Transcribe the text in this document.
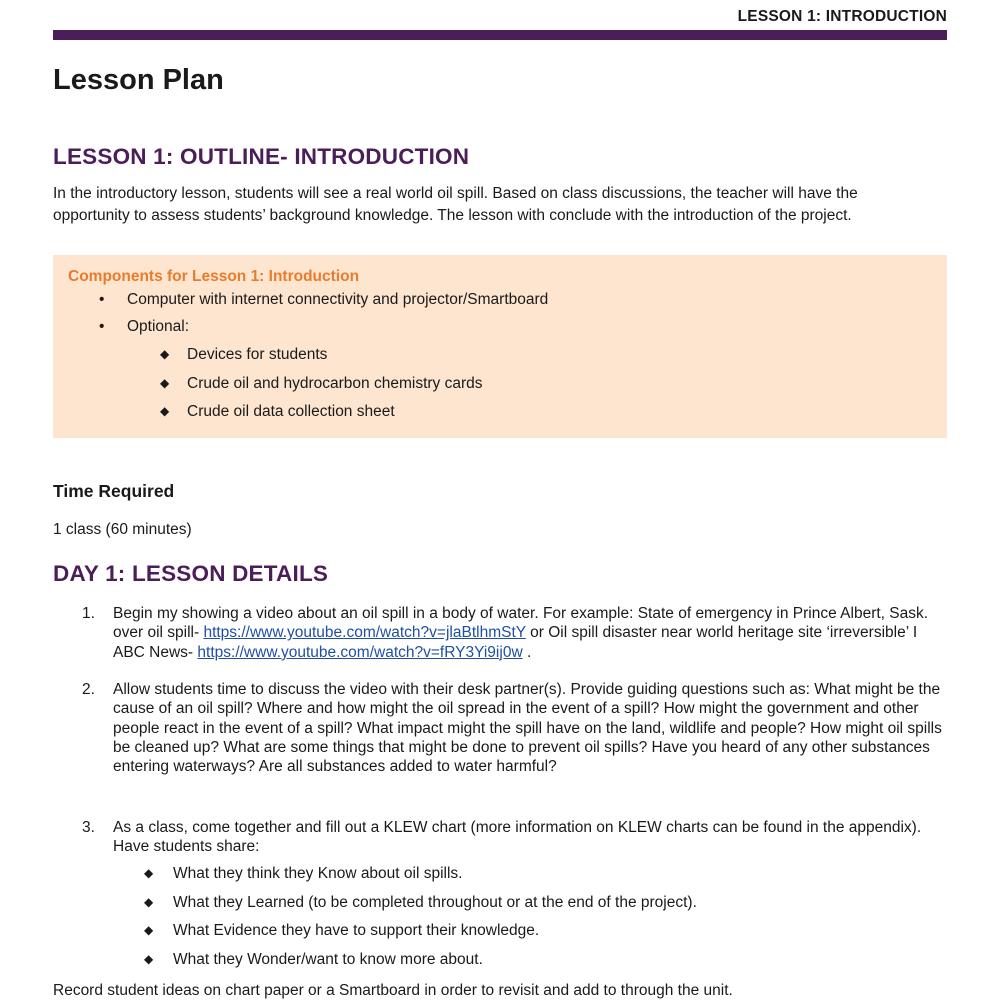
LESSON 1: INTRODUCTION
Lesson Plan
LESSON 1: OUTLINE- INTRODUCTION

In the introductory lesson, students will see a real world oil spill. Based on class discussions, the teacher will have the opportunity to assess students’ background knowledge. The lesson with conclude with the introduction of the project.

Components for Lesson 1: Introduction
• Computer with internet connectivity and projector/Smartboard
• Optional:
◆ Devices for students
◆ Crude oil and hydrocarbon chemistry cards
◆ Crude oil data collection sheet
Time Required

1 class (60 minutes)

DAY 1: LESSON DETAILS
1. Begin my showing a video about an oil spill in a body of water. For example: State of emergency in Prince Albert, Sask. over oil spill- https://www.youtube.com/watch?v=jlaBtlhmStY or Oil spill disaster near world heritage site ‘irreversible’ I ABC News- https://www.youtube.com/watch?v=fRY3Yi9ij0w .
2. Allow students time to discuss the video with their desk partner(s). Provide guiding questions such as: What might be the cause of an oil spill? Where and how might the oil spread in the event of a spill? How might the government and other people react in the event of a spill? What impact might the spill have on the land, wildlife and people? How might oil spills be cleaned up? What are some things that might be done to prevent oil spills? Have you heard of any other substances entering waterways? Are all substances added to water harmful?
3. As a class, come together and fill out a KLEW chart (more information on KLEW charts can be found in the appendix). Have students share:
◆ What they think they Know about oil spills.
◆ What they Learned (to be completed throughout or at the end of the project).
◆ What Evidence they have to support their knowledge.
◆ What they Wonder/want to know more about.

Record student ideas on chart paper or a Smartboard in order to revisit and add to through the unit.
